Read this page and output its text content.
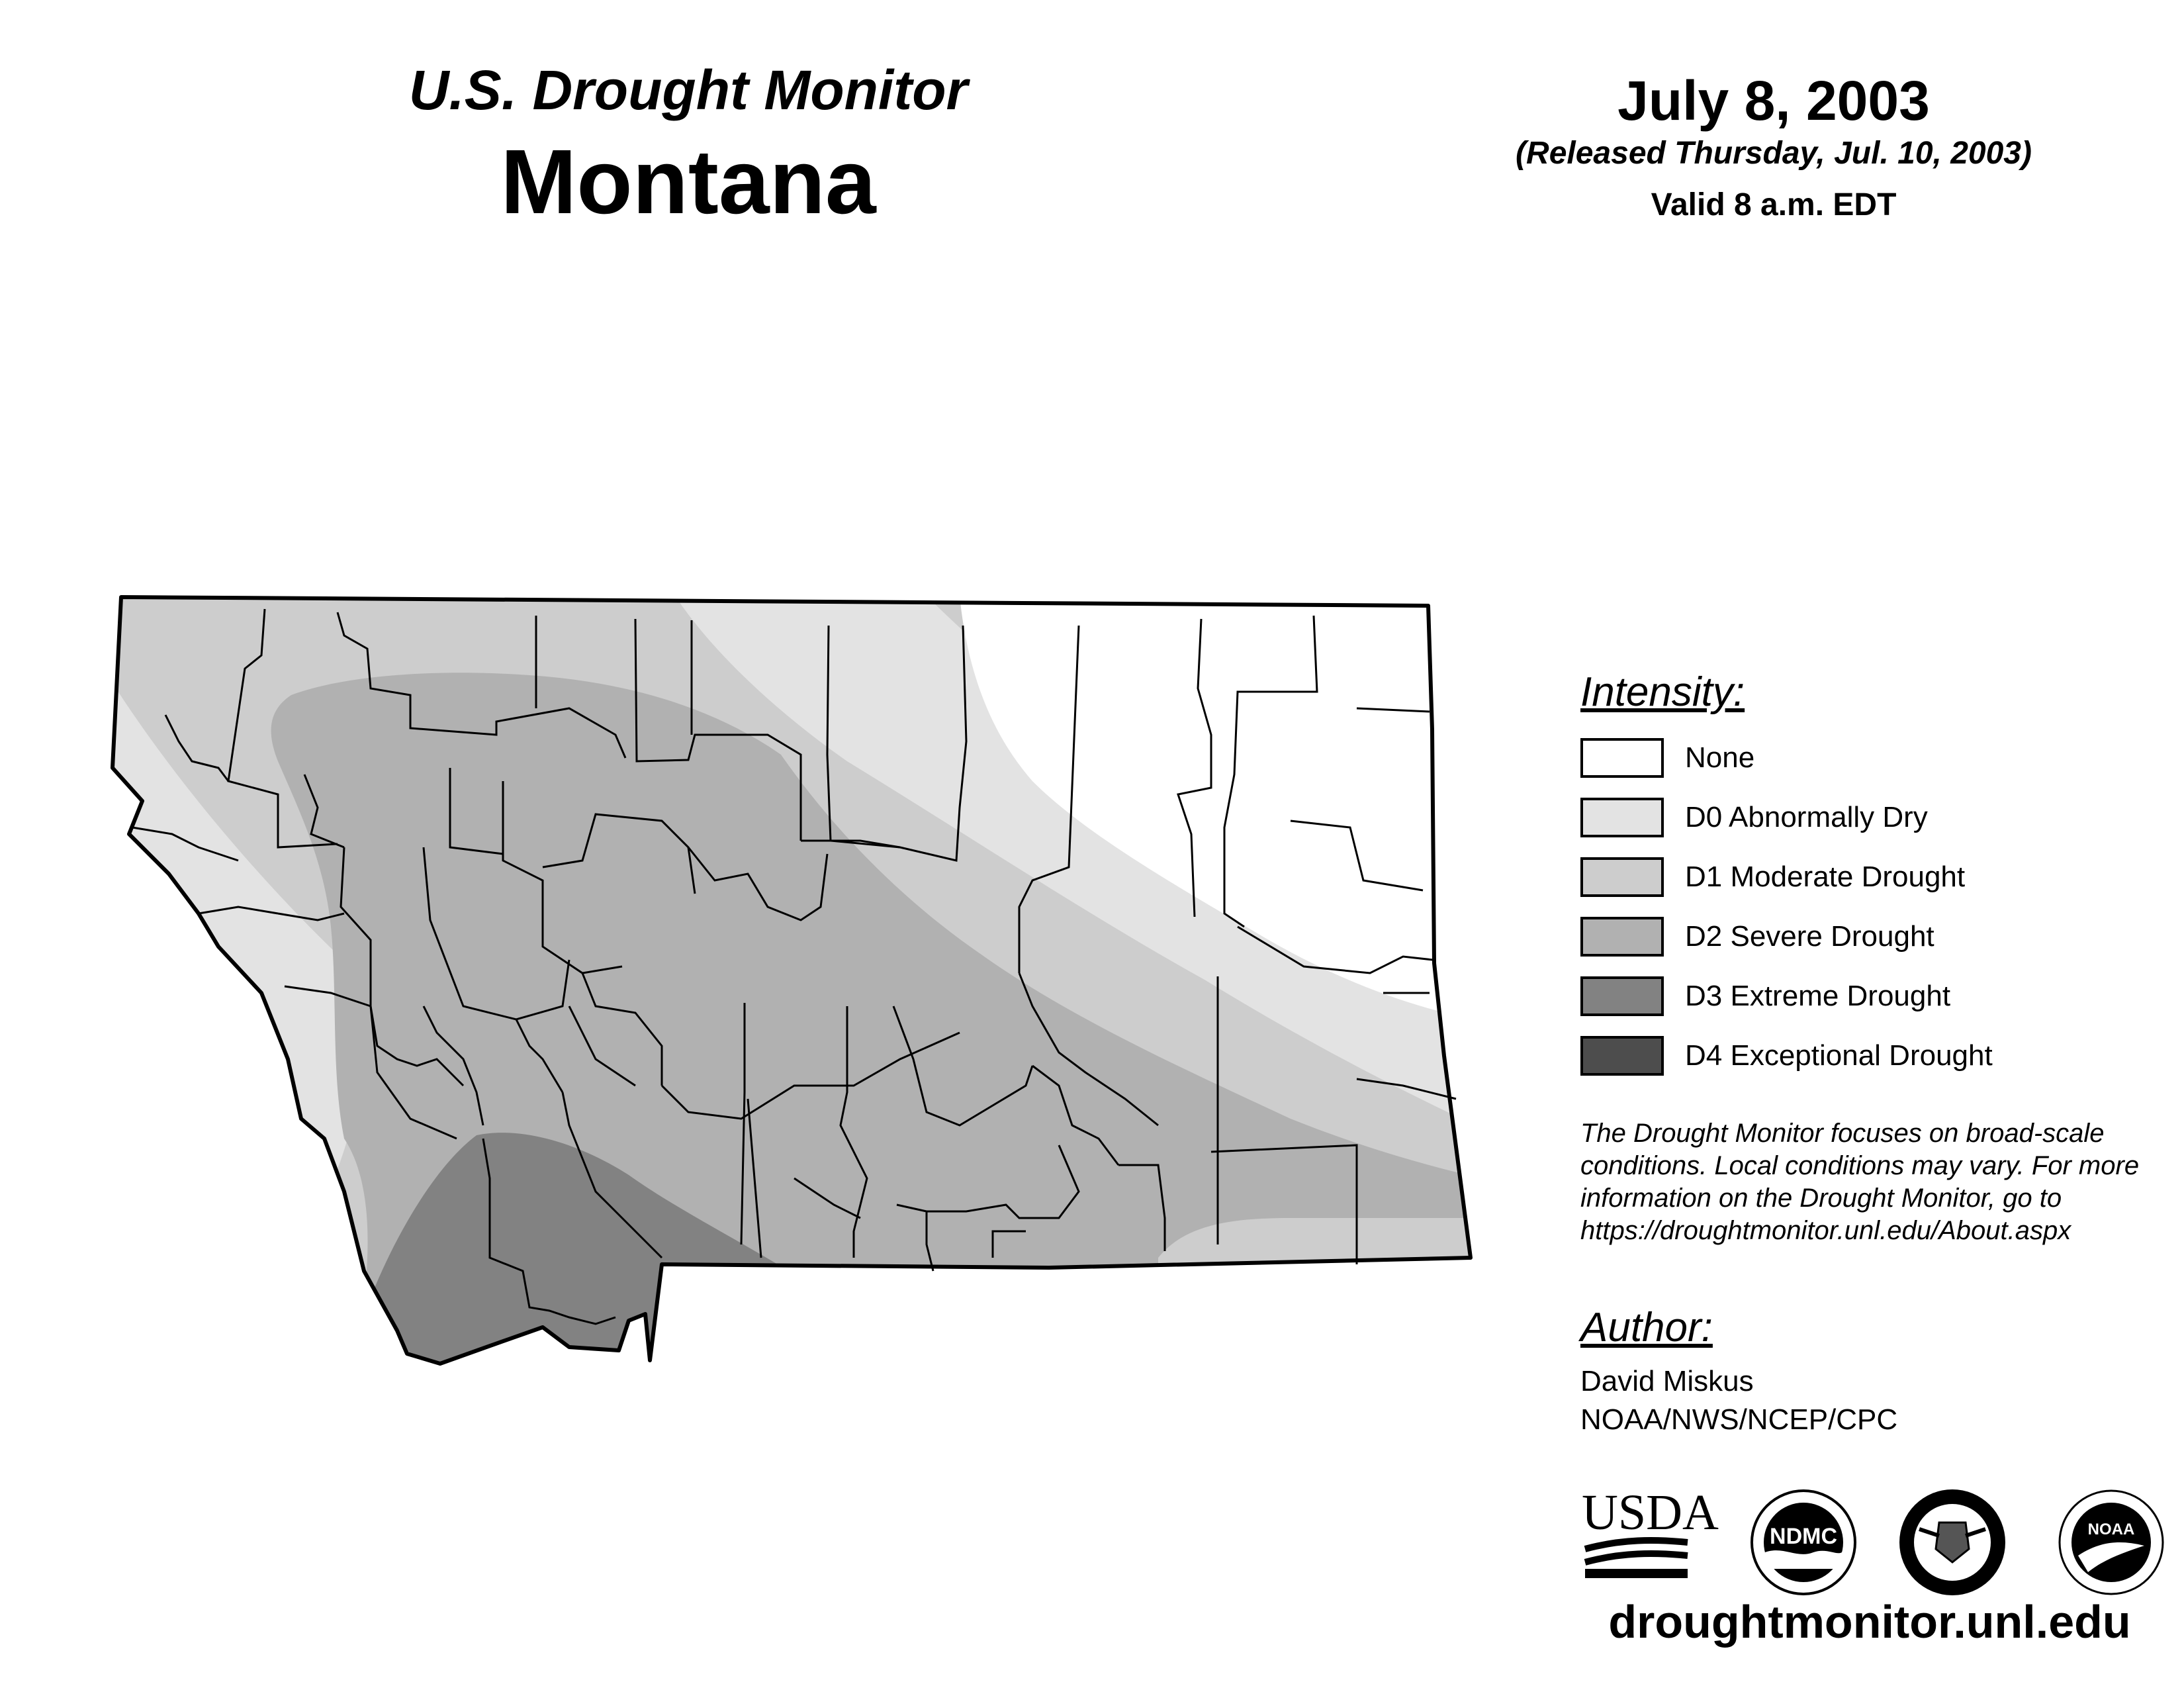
U.S. Drought Monitor
Montana
July 8, 2003
(Released Thursday, Jul. 10, 2003)
Valid 8 a.m. EDT
Intensity:
None
D0 Abnormally Dry
D1 Moderate Drought
D2 Severe Drought
D3 Extreme Drought
D4 Exceptional Drought
The Drought Monitor focuses on broad-scale conditions. Local conditions may vary. For more information on the Drought Monitor, go to https://droughtmonitor.unl.edu/About.aspx
Author:
David Miskus
NOAA/NWS/NCEP/CPC
USDA NDMC	NOAA
droughtmonitor.unl.edu
